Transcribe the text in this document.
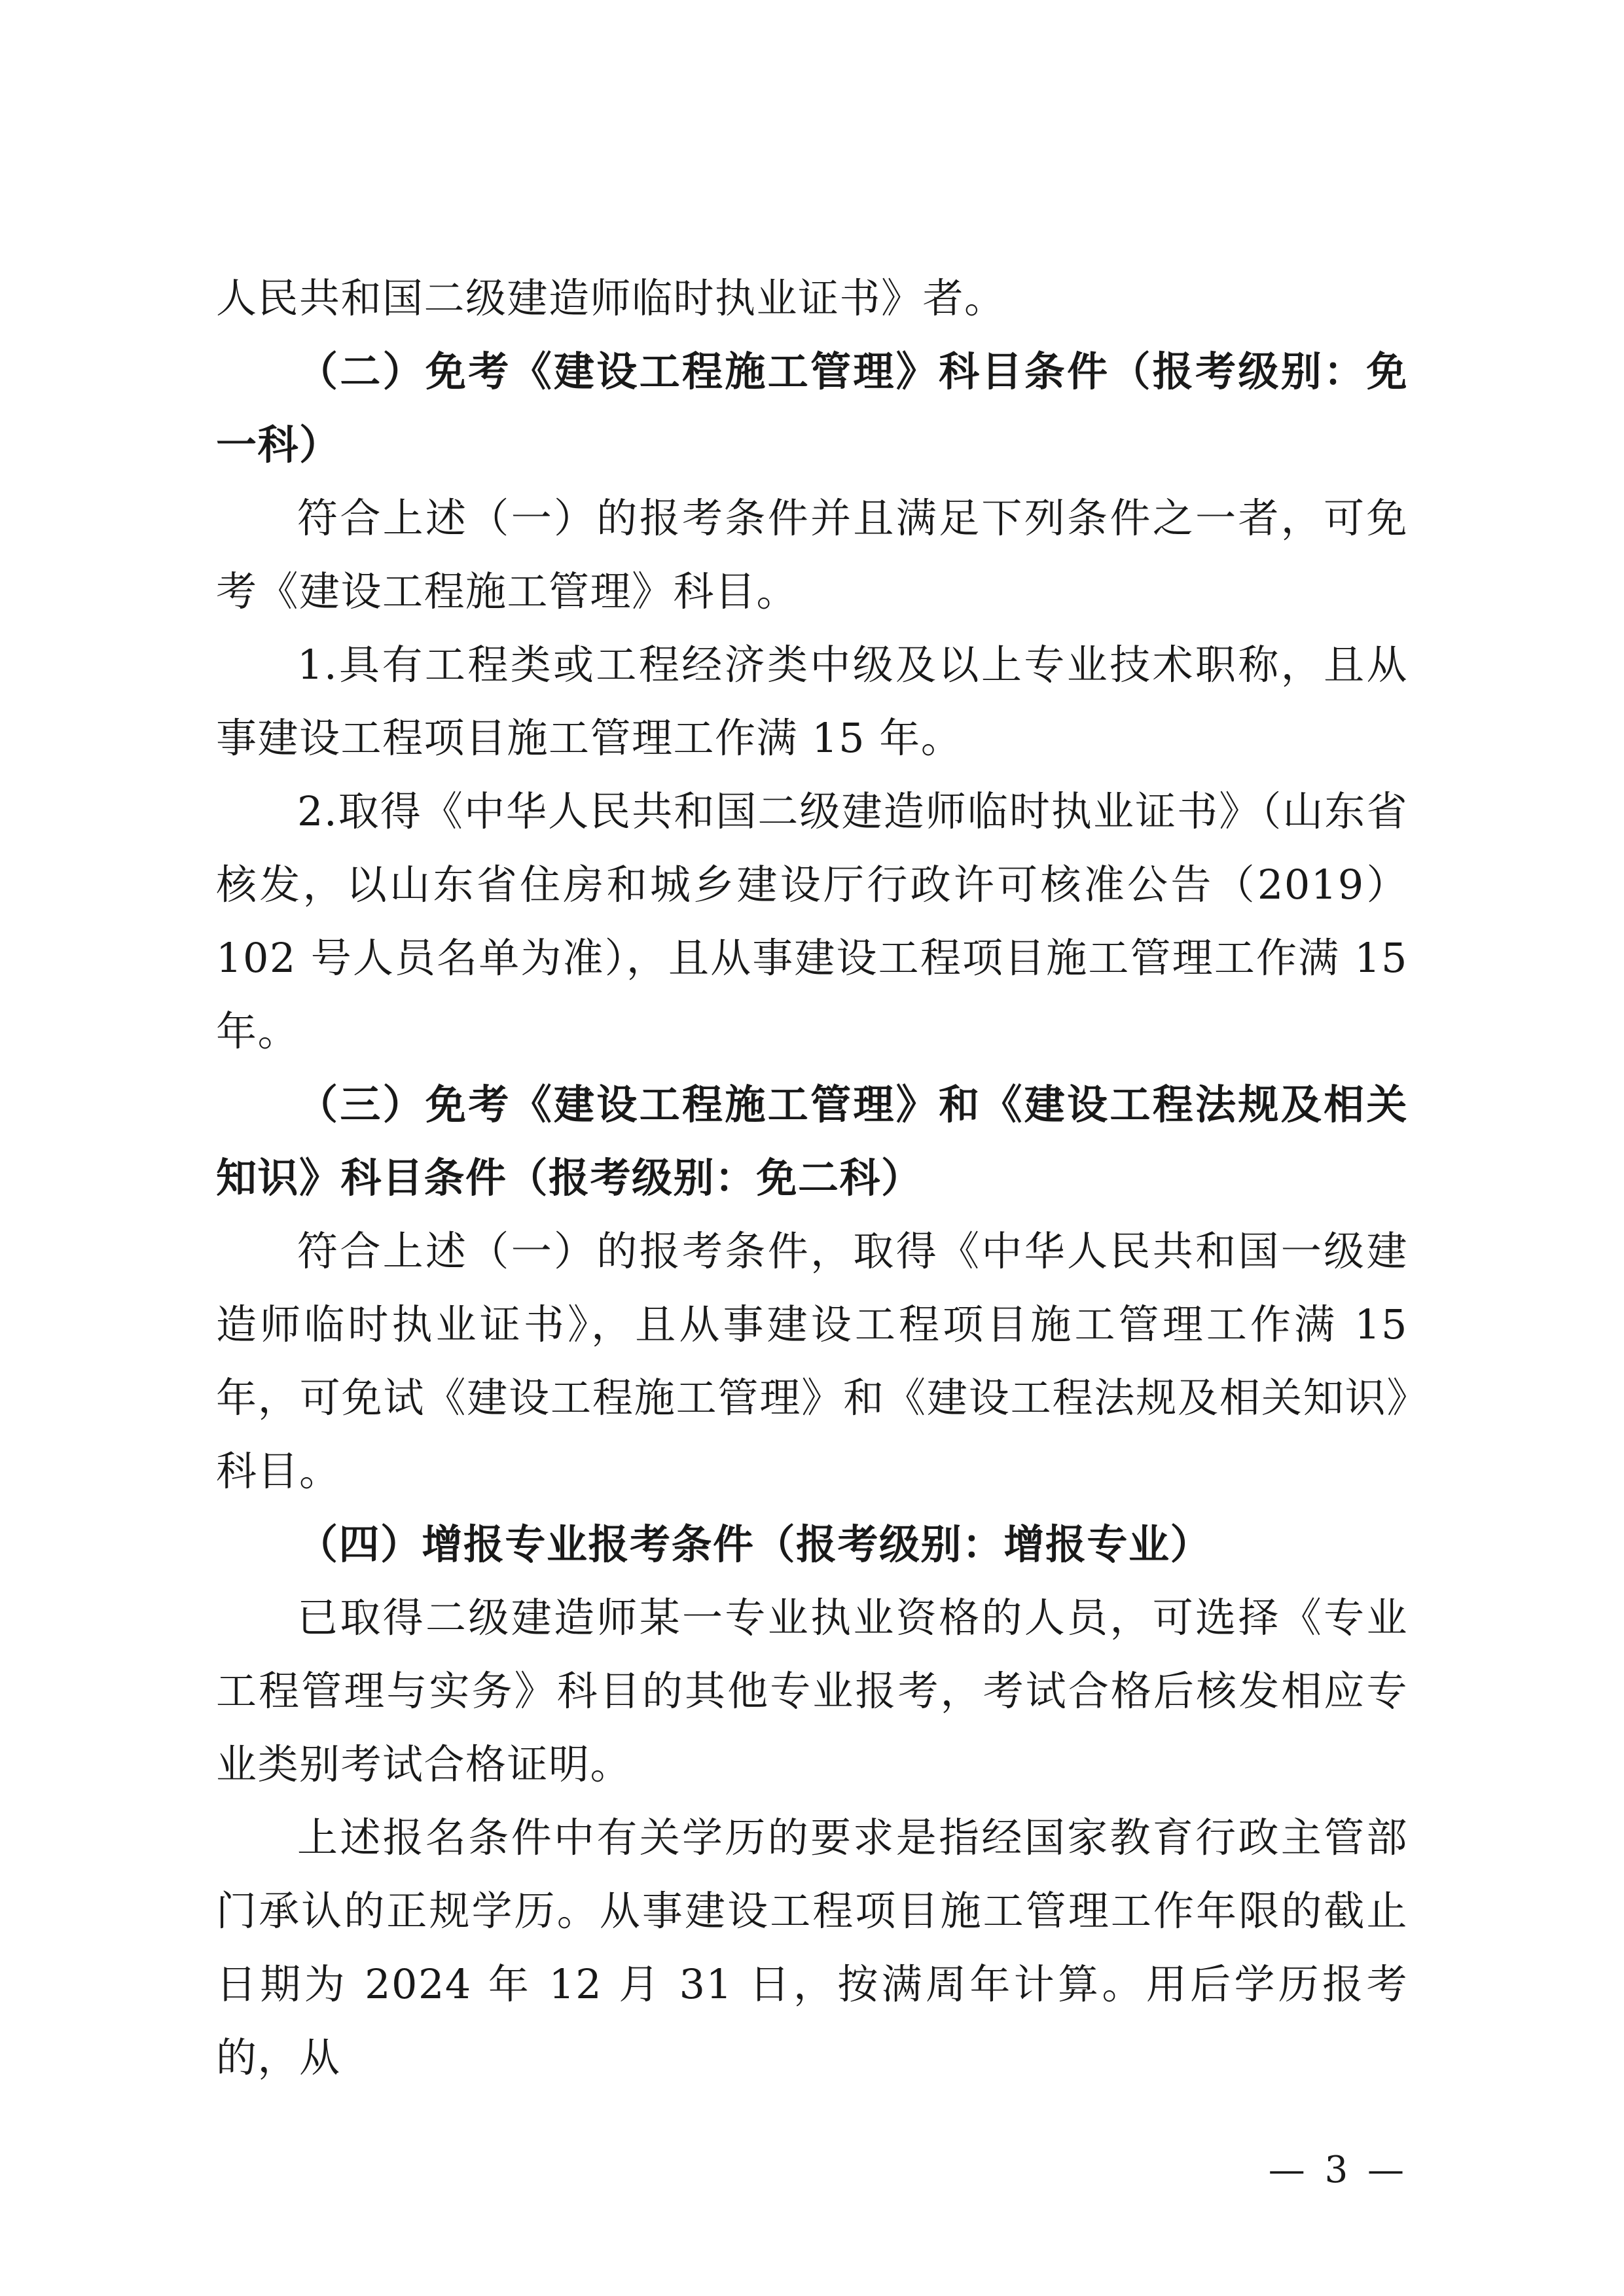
人民共和国二级建造师临时执业证书》者。

（二）免考《建设工程施工管理》科目条件（报考级别：免一科）

符合上述（一）的报考条件并且满足下列条件之一者，可免考《建设工程施工管理》科目。

1.具有工程类或工程经济类中级及以上专业技术职称，且从事建设工程项目施工管理工作满 15 年。

2.取得《中华人民共和国二级建造师临时执业证书》（山东省核发，以山东省住房和城乡建设厅行政许可核准公告（2019）102 号人员名单为准），且从事建设工程项目施工管理工作满 15 年。

（三）免考《建设工程施工管理》和《建设工程法规及相关知识》科目条件（报考级别：免二科）

符合上述（一）的报考条件，取得《中华人民共和国一级建造师临时执业证书》，且从事建设工程项目施工管理工作满 15 年，可免试《建设工程施工管理》和《建设工程法规及相关知识》科目。

（四）增报专业报考条件（报考级别：增报专业）

已取得二级建造师某一专业执业资格的人员，可选择《专业工程管理与实务》科目的其他专业报考，考试合格后核发相应专业类别考试合格证明。

上述报名条件中有关学历的要求是指经国家教育行政主管部门承认的正规学历。从事建设工程项目施工管理工作年限的截止日期为 2024 年 12 月 31 日，按满周年计算。用后学历报考的，从

— 3 —
